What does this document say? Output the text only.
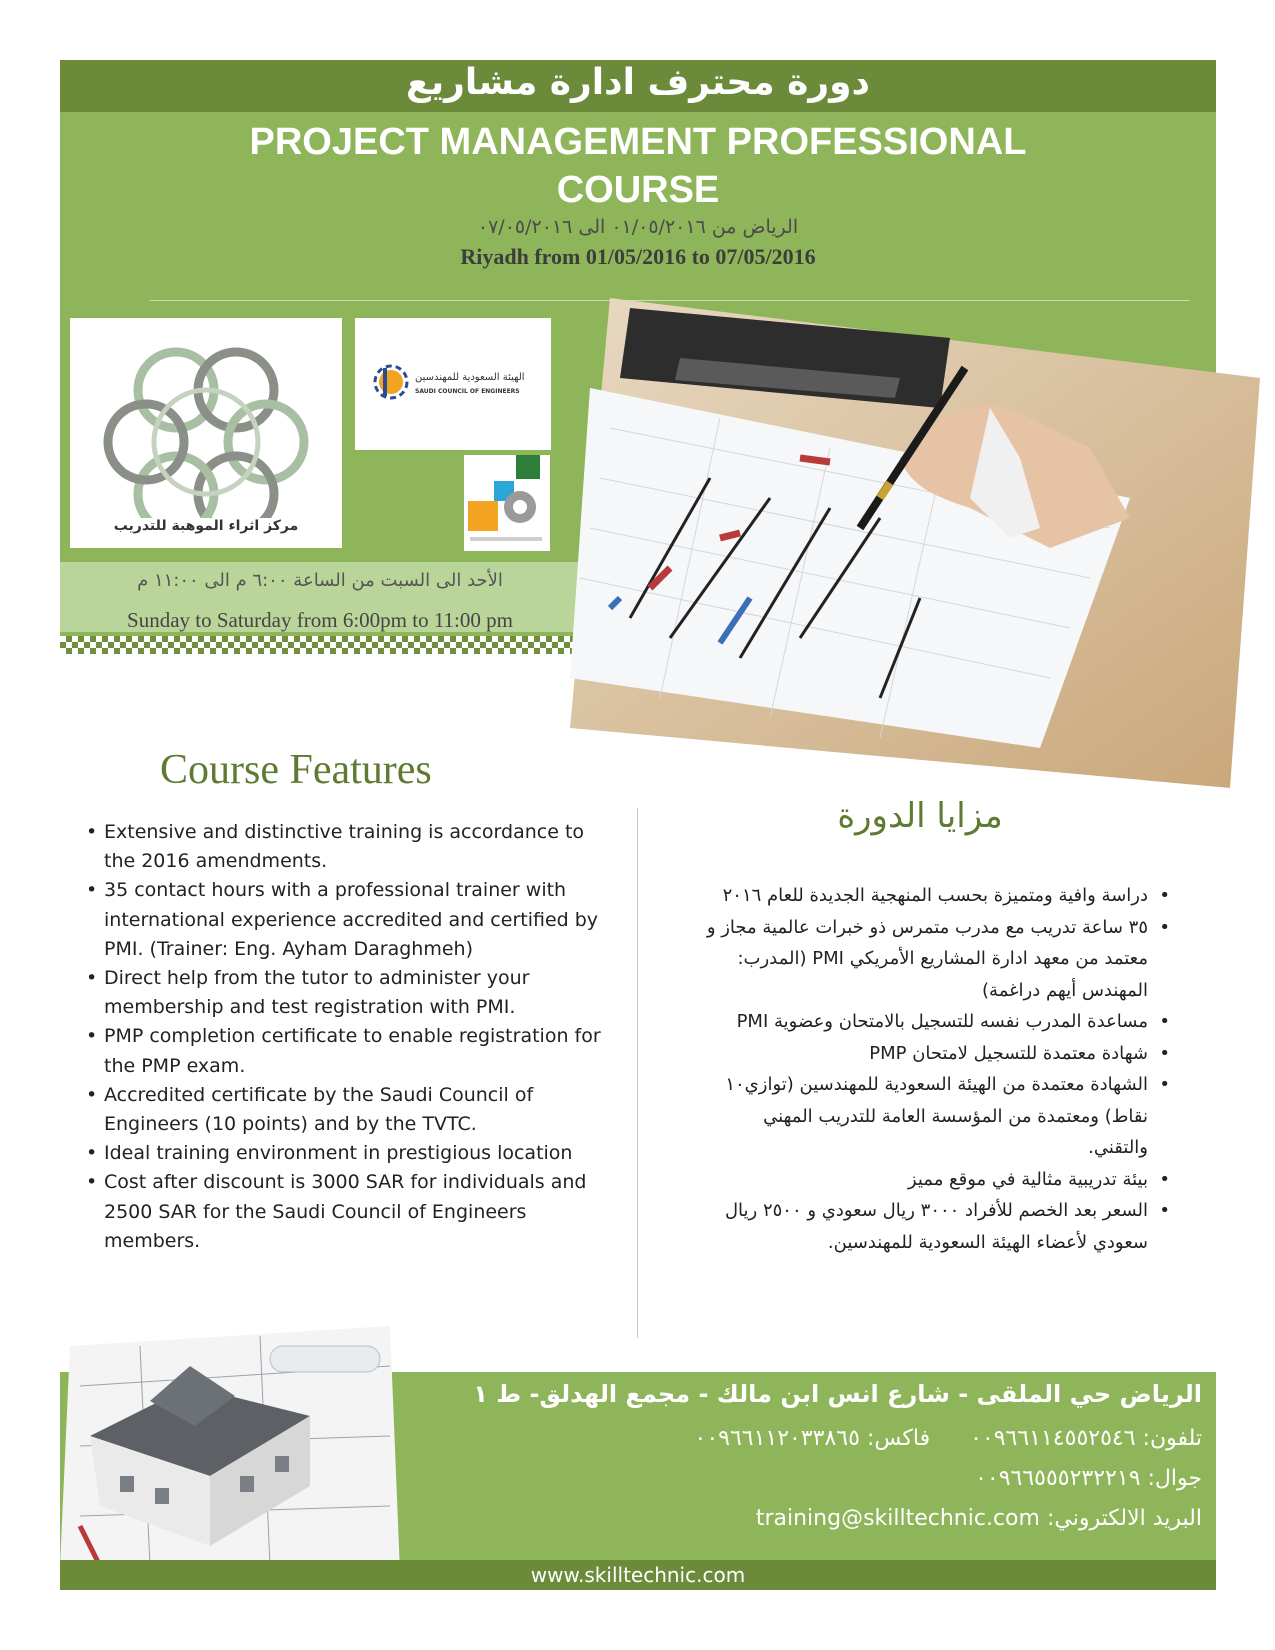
دورة محترف ادارة مشاريع
PROJECT MANAGEMENT PROFESSIONAL
COURSE
الرياض من ٠١/٠٥/٢٠١٦ الى ٠٧/٠٥/٢٠١٦
Riyadh from 01/05/2016 to 07/05/2016
مركز اثراء الموهبة للتدريب
الهيئة السعودية للمهندسين
SAUDI COUNCIL OF ENGINEERS
الأحد الى السبت من الساعة ٦:٠٠ م الى ١١:٠٠ م
Sunday to Saturday from 6:00pm to 11:00 pm
Course Features
مزايا الدورة
• Extensive and distinctive training is accordance to the 2016 amendments.
• 35 contact hours with a professional trainer with international experience accredited and certified by PMI. (Trainer: Eng. Ayham Daraghmeh)
• Direct help from the tutor to administer your membership and test registration with PMI.
• PMP completion certificate to enable registration for the PMP exam.
• Accredited certificate by the Saudi Council of Engineers (10 points) and by the TVTC.
• Ideal training environment in prestigious location
• Cost after discount is 3000 SAR for individuals and 2500 SAR for the Saudi Council of Engineers members.
• دراسة وافية ومتميزة بحسب المنهجية الجديدة للعام ٢٠١٦
• ٣٥ ساعة تدريب مع مدرب متمرس ذو خبرات عالمية مجاز و معتمد من معهد ادارة المشاريع الأمريكي PMI (المدرب: المهندس أيهم دراغمة)
• مساعدة المدرب نفسه للتسجيل بالامتحان وعضوية PMI
• شهادة معتمدة للتسجيل لامتحان PMP
• الشهادة معتمدة من الهيئة السعودية للمهندسين (توازي١٠ نقاط) ومعتمدة من المؤسسة العامة للتدريب المهني والتقني.
• بيئة تدريبية مثالية في موقع مميز
• السعر بعد الخصم للأفراد ٣٠٠٠ ريال سعودي و ٢٥٠٠ ريال سعودي لأعضاء الهيئة السعودية للمهندسين.
الرياض حي الملقى - شارع انس ابن مالك - مجمع الهدلق- ط ١
تلفون: ٠٠٩٦٦١١٤٥٥٢٥٤٦  فاكس: ٠٠٩٦٦١١٢٠٣٣٨٦٥
جوال: ٠٠٩٦٦٥٥٥٢٣٢٢١٩
البريد الالكتروني: training@skilltechnic.com
www.skilltechnic.com
